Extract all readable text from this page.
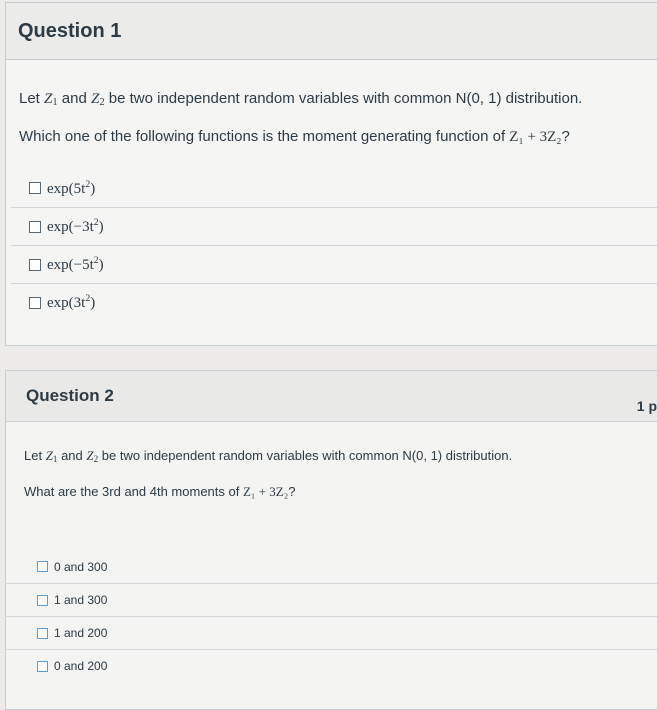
Question 1

Let $Z_1$ and $Z_2$ be two independent random variables with common N(0, 1) distribution.

Which one of the following functions is the moment generating function of Z₁ + 3Z₂?

$\exp(5t^2)$
$\exp(-3t^2)$
$\exp(-5t^2)$
$\exp(3t^2)$
Question 2
1 p

Let $Z_1$ and $Z_2$ be two independent random variables with common N(0, 1) distribution.

What are the 3rd and 4th moments of Z₁ + 3Z₂?

0 and 300
1 and 300
1 and 200
0 and 200
